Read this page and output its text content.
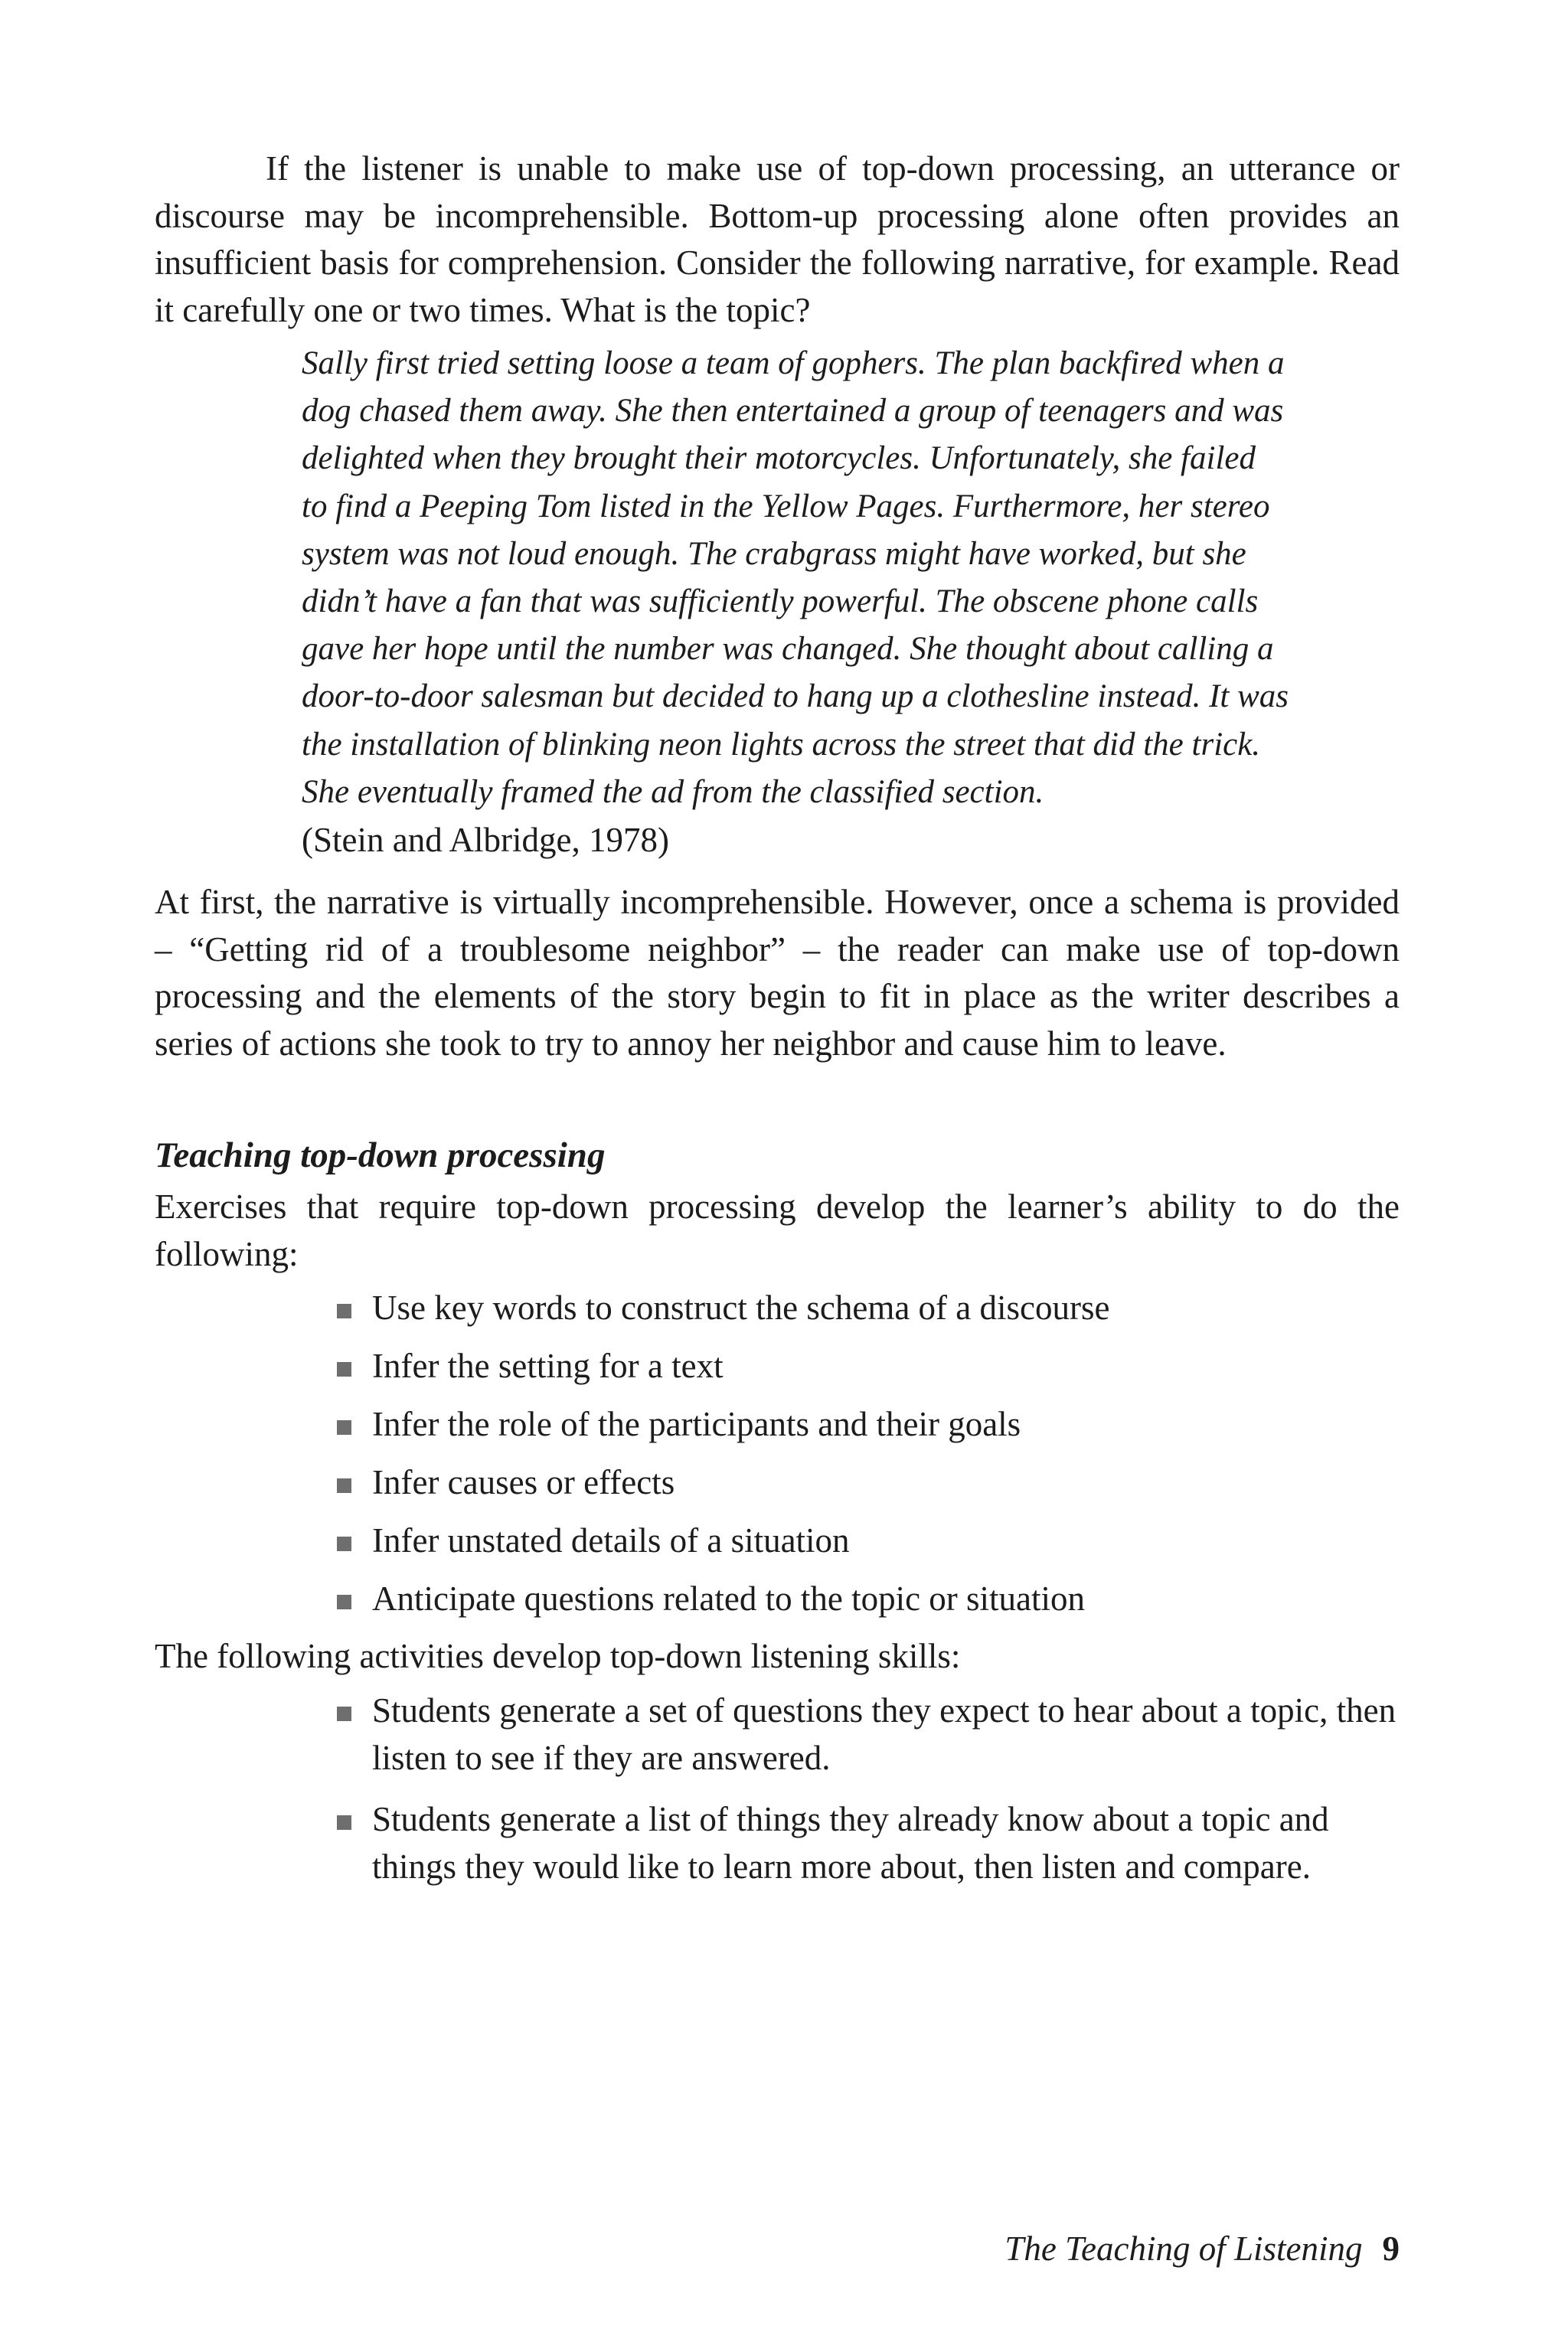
If the listener is unable to make use of top-down processing, an utterance or discourse may be incomprehensible. Bottom-up processing alone often provides an insufficient basis for comprehension. Consider the following narrative, for example. Read it carefully one or two times. What is the topic?

Sally first tried setting loose a team of gophers. The plan backfired when a dog chased them away. She then entertained a group of teenagers and was delighted when they brought their motorcycles. Unfortunately, she failed to find a Peeping Tom listed in the Yellow Pages. Furthermore, her stereo system was not loud enough. The crabgrass might have worked, but she didn’t have a fan that was sufficiently powerful. The obscene phone calls gave her hope until the number was changed. She thought about calling a door-to-door salesman but decided to hang up a clothesline instead. It was the installation of blinking neon lights across the street that did the trick. She eventually framed the ad from the classified section.

(Stein and Albridge, 1978)

At first, the narrative is virtually incomprehensible. However, once a schema is provided – “Getting rid of a troublesome neighbor” – the reader can make use of top-down processing and the elements of the story begin to fit in place as the writer describes a series of actions she took to try to annoy her neighbor and cause him to leave.

Teaching top-down processing

Exercises that require top-down processing develop the learner’s ability to do the following:

Use key words to construct the schema of a discourse
Infer the setting for a text
Infer the role of the participants and their goals
Infer causes or effects
Infer unstated details of a situation
Anticipate questions related to the topic or situation

The following activities develop top-down listening skills:

Students generate a set of questions they expect to hear about a topic, then listen to see if they are answered.
Students generate a list of things they already know about a topic and things they would like to learn more about, then listen and compare.
The Teaching of Listening 9
